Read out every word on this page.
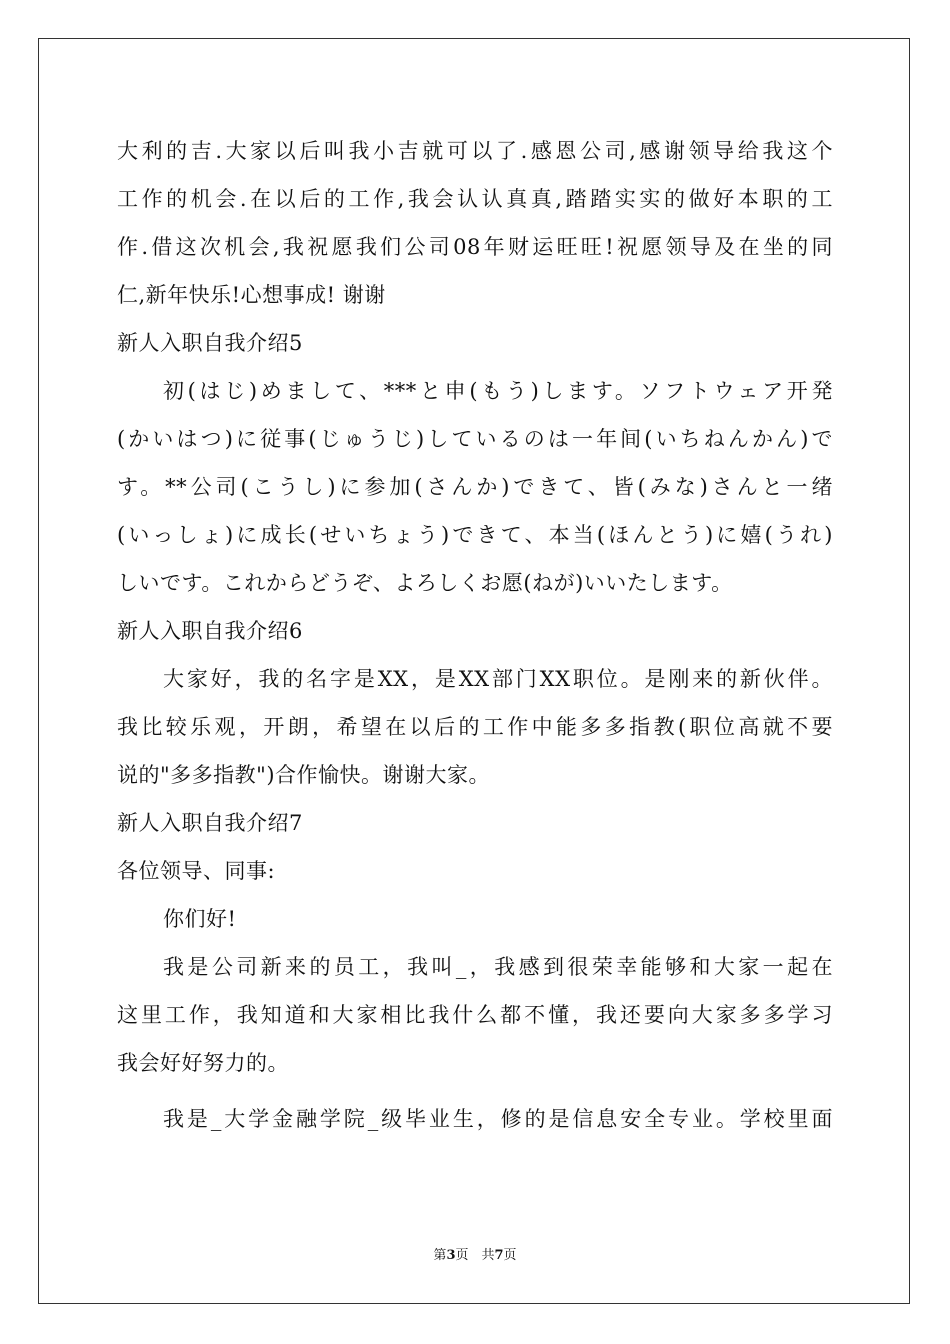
大利的吉.大家以后叫我小吉就可以了.感恩公司,感谢领导给我这个
工作的机会.在以后的工作,我会认认真真,踏踏实实的做好本职的工
作.借这次机会,我祝愿我们公司08年财运旺旺!祝愿领导及在坐的同
仁,新年快乐!心想事成! 谢谢
新人入职自我介绍5
初(はじ)めまして、***と申(もう)します。ソフトウェア开発
(かいはつ)に従事(じゅうじ)しているのは一年间(いちねんかん)で
す。**公司(こうし)に参加(さんか)できて、皆(みな)さんと一绪
(いっしょ)に成长(せいちょう)できて、本当(ほんとう)に嬉(うれ)
しいです。これからどうぞ、よろしくお愿(ねが)いいたします。
新人入职自我介绍6
大家好，我的名字是XX，是XX部门XX职位。是刚来的新伙伴。
我比较乐观，开朗，希望在以后的工作中能多多指教(职位高就不要
说的"多多指教")合作愉快。谢谢大家。
新人入职自我介绍7
各位领导、同事:
你们好!
我是公司新来的员工，我叫_，我感到很荣幸能够和大家一起在
这里工作，我知道和大家相比我什么都不懂，我还要向大家多多学习
我会好好努力的。
我是_大学金融学院_级毕业生，修的是信息安全专业。学校里面
第3页　共7页
